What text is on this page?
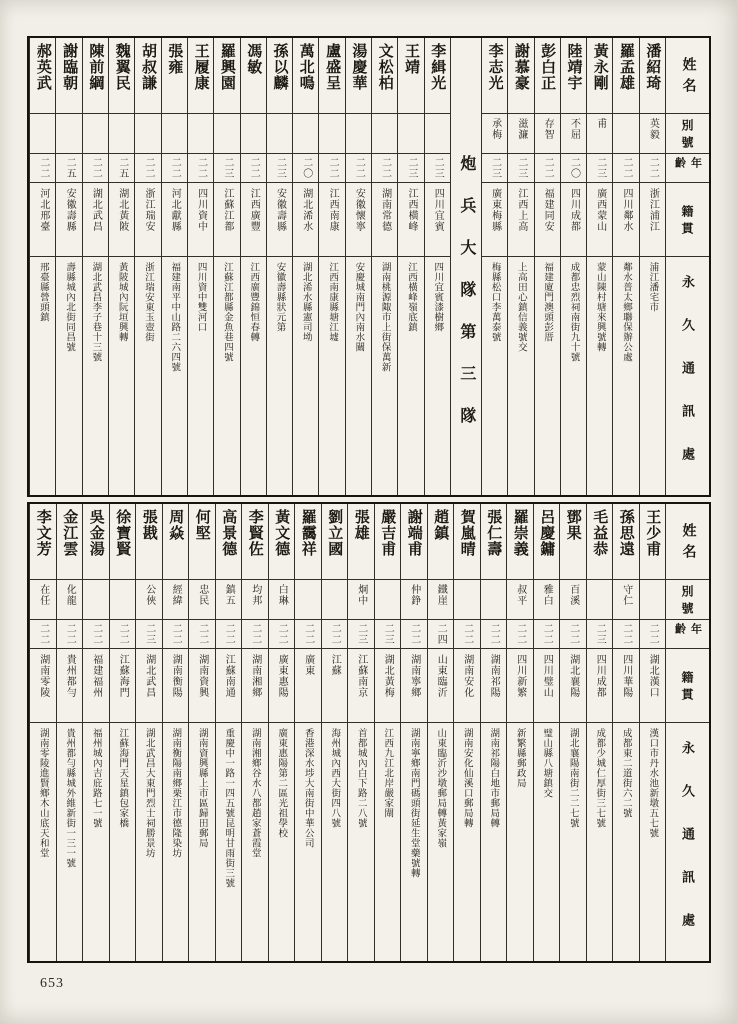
姓名
別號
年齡
籍貫
永久通訊處
潘紹琦
英毅
二二
浙江浦江
浦江潘宅市
羅孟雄
二二
四川鄰水
鄰水普太鄉聯保辦公處
黃永剛
甫
二三
廣西蒙山
蒙山陳村塘來興號轉
陸靖宇
不屈
二〇
四川成都
成都忠烈祠南街九十號
彭白正
存智
二二
福建同安
福建廈門澳頭彭厝
謝慕豪
滋濂
二三
江西上高
上高田心鎮信義號交
李志光
承梅
二三
廣東梅縣
梅縣松口李萬泰號
炮兵大隊第三隊
李緝光
二三
四川宜賓
四川宜賓漆樹鄉
王靖
二三
江西橫峰
江西橫峰嶺底鎮
文松柏
二二
湖南常德
湖南桃源陬市上街保萬新
湯慶華
二二
安徽懷寧
安慶城南門內南水關
盧盛呈
二二
江西南康
江西南康縣塘江墟
萬北鳴
二〇
湖北浠水
湖北浠水縣憲司坳
孫以麟
二三
安徽壽縣
安徽壽縣狀元第
馮敏
二二
江西廣豐
江西廣豐錦恒春轉
羅興園
二三
江蘇江都
江蘇江都縣金魚巷四號
王履康
二二
四川資中
四川資中雙河口
張雍
二二
河北獻縣
福建南平中山路二六四號
胡叔謙
二二
浙江瑞安
浙江瑞安東玉壺街
魏翼民
二五
湖北黃陂
黃陂城內阮垣興轉
陳前綱
二二
湖北武昌
湖北武昌李子巷十三號
謝臨朝
二五
安徽壽縣
壽縣城內北街同昌號
郝英武
二二
河北邢臺
邢臺縣營頭鎮
姓名
別號
年齡
籍貫
永久通訊處
王少甫
二二
湖北漢口
漢口市丹水池新墩五七號
孫思遠
守仁
二二
四川華陽
成都東二道街六二號
毛益恭
二三
四川成都
成都少城仁厚街三七號
鄧果
百溪
二二
湖北襄陽
湖北襄陽南街二二七號
呂慶鏞
雅白
二二
四川璧山
璧山縣八塘鎮交
羅崇義
叔平
二二
四川新繁
新繁縣郵政局
張仁壽
二二
湖南祁陽
湖南祁陽白地市郵局轉
賀嵐晴
二二
湖南安化
湖南安化仙溪口郵局轉
趙鎮
鐵崖
二四
山東臨沂
山東臨沂沙墩郵局轉黃家嶺
謝端甫
仲錚
二二
湖南寧鄉
湖南寧鄉南門碼頭街延生堂藥號轉
嚴吉甫
二三
湖北黃梅
江西九江北岸嚴家閘
張雄
炯中
二三
江蘇南京
首都城內白下路二八號
劉立國
二二
江蘇
海州城內西大街四八號
羅靄祥
二二
廣東
香港深水埗大南街中華公司
黃文德
白琳
二二
廣東惠陽
廣東惠陽第二區光祖學校
李賢佐
均邦
二二
湖南湘鄉
湖南湘鄉谷水八都趙家蒼霞堂
高景德
鎮五
二二
江蘇南通
重慶中一路一四五號昆明甘雨街三號
何堅
忠民
二二
湖南資興
湖南資興縣上市區歸田郵局
周焱
經緯
二二
湖南衡陽
湖南衡陽南鄉栗江市德隆染坊
張戡
公俠
二三
湖北武昌
湖北武昌大東門烈士祠勝景坊
徐寶賢
二二
江蘇海門
江蘇海門天星鎮包家橋
吳金湯
二二
福建福州
福州城內吉庇路七一號
金江雲
化龍
二二
貴州都勻
貴州都勻縣城外維新街一三一號
李文芳
在任
二二
湖南零陵
湖南零陵進賢鄉木山底天和堂
653
